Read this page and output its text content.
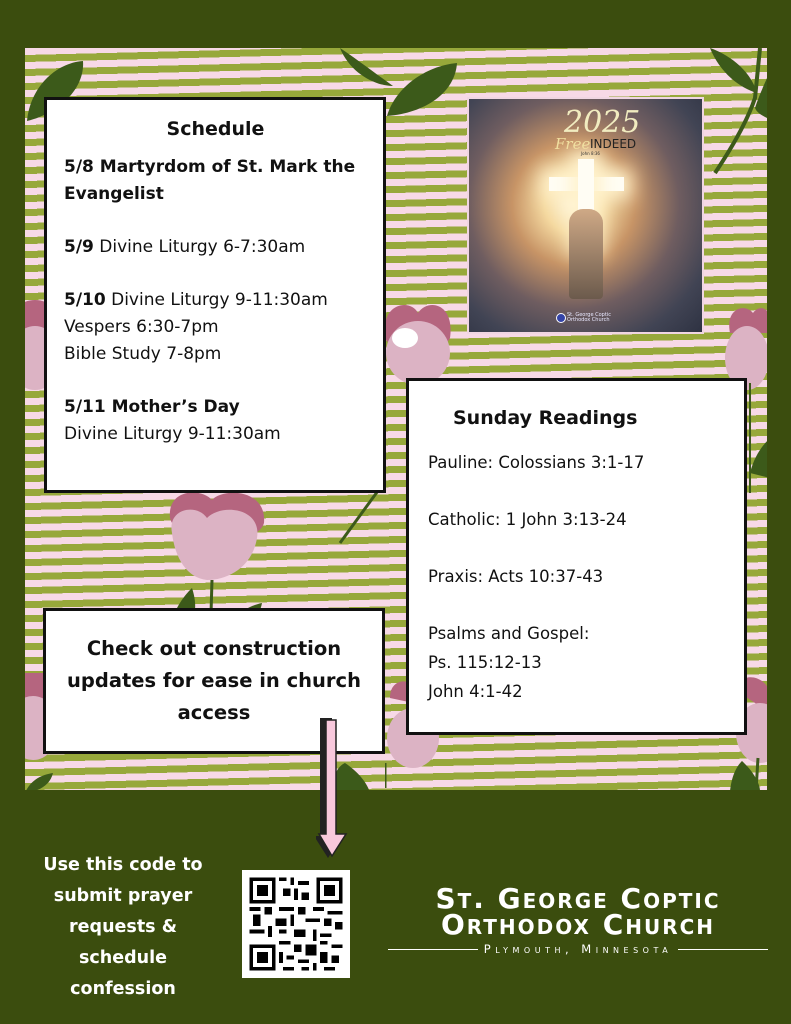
Schedule
5/8 Martyrdom of St. Mark the Evangelist
5/9 Divine Liturgy 6-7:30am
5/10 Divine Liturgy 9-11:30am
Vespers 6:30-7pm
Bible Study 7-8pm
5/11 Mother’s Day
Divine Liturgy 9-11:30am
2025
Free INDEED
John 8:36
St. George Coptic
Orthodox Church
Sunday Readings
Pauline: Colossians 3:1-17
Catholic: 1 John 3:13-24
Praxis: Acts 10:37-43
Psalms and Gospel:
Ps. 115:12-13
John 4:1-42
Check out construction updates for ease in church access
Use this code to submit prayer requests & schedule confession
St. George Coptic
Orthodox Church
Plymouth, Minnesota
